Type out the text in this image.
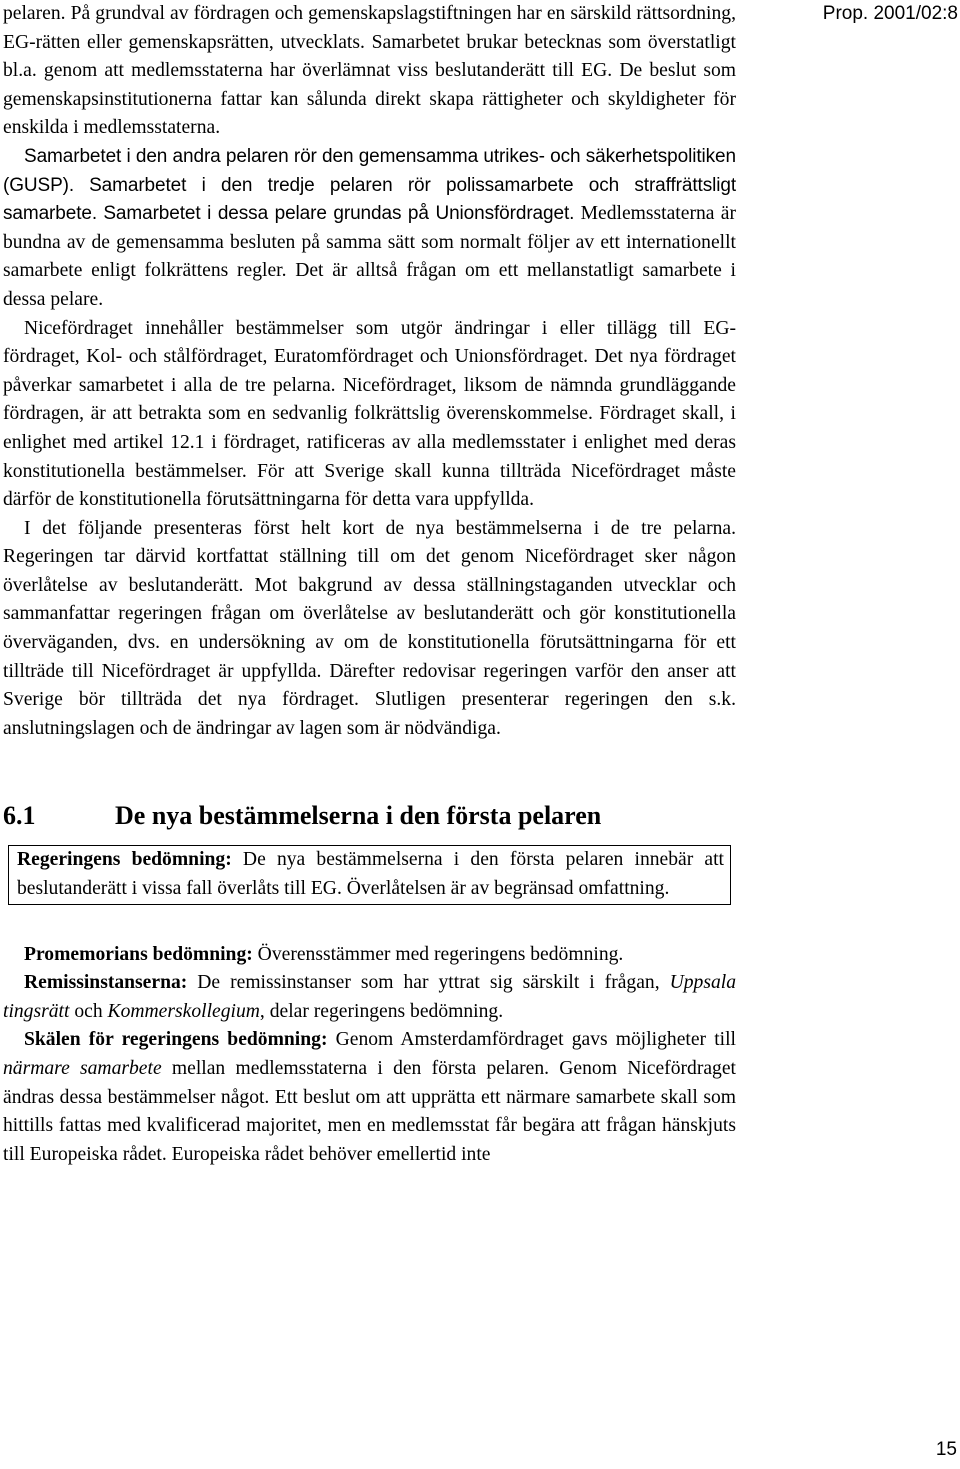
Prop. 2001/02:8

pelaren. På grundval av fördragen och gemenskapslagstiftningen har en särskild rättsordning, EG-rätten eller gemenskapsrätten, utvecklats. Samarbetet brukar betecknas som överstatligt bl.a. genom att medlemsstaterna har överlämnat viss beslutanderätt till EG. De beslut som gemenskapsinstitutionerna fattar kan sålunda direkt skapa rättigheter och skyldigheter för enskilda i medlemsstaterna.

Samarbetet i den andra pelaren rör den gemensamma utrikes- och säkerhetspolitiken (GUSP). Samarbetet i den tredje pelaren rör polissamarbete och straffrättsligt samarbete. Samarbetet i dessa pelare grundas på Unionsfördraget. Medlemsstaterna är bundna av de gemensamma besluten på samma sätt som normalt följer av ett internationellt samarbete enligt folkrättens regler. Det är alltså frågan om ett mellanstatligt samarbete i dessa pelare.

Nicefördraget innehåller bestämmelser som utgör ändringar i eller tillägg till EG-fördraget, Kol- och stålfördraget, Euratomfördraget och Unionsfördraget. Det nya fördraget påverkar samarbetet i alla de tre pelarna. Nicefördraget, liksom de nämnda grundläggande fördragen, är att betrakta som en sedvanlig folkrättslig överenskommelse. Fördraget skall, i enlighet med artikel 12.1 i fördraget, ratificeras av alla medlemsstater i enlighet med deras konstitutionella bestämmelser. För att Sverige skall kunna tillträda Nicefördraget måste därför de konstitutionella förutsättningarna för detta vara uppfyllda.

I det följande presenteras först helt kort de nya bestämmelserna i de tre pelarna. Regeringen tar därvid kortfattat ställning till om det genom Nicefördraget sker någon överlåtelse av beslutanderätt. Mot bakgrund av dessa ställningstaganden utvecklar och sammanfattar regeringen frågan om överlåtelse av beslutanderätt och gör konstitutionella överväganden, dvs. en undersökning av om de konstitutionella förutsättningarna för ett tillträde till Nicefördraget är uppfyllda. Därefter redovisar regeringen varför den anser att Sverige bör tillträda det nya fördraget. Slutligen presenterar regeringen den s.k. anslutningslagen och de ändringar av lagen som är nödvändiga.

6.1	De nya bestämmelserna i den första pelaren

Regeringens bedömning: De nya bestämmelserna i den första pelaren innebär att beslutanderätt i vissa fall överlåts till EG. Överlåtelsen är av begränsad omfattning.

Promemorians bedömning: Överensstämmer med regeringens bedömning.

Remissinstanserna: De remissinstanser som har yttrat sig särskilt i frågan, Uppsala tingsrätt och Kommerskollegium, delar regeringens bedömning.

Skälen för regeringens bedömning: Genom Amsterdamfördraget gavs möjligheter till närmare samarbete mellan medlemsstaterna i den första pelaren. Genom Nicefördraget ändras dessa bestämmelser något. Ett beslut om att upprätta ett närmare samarbete skall som hittills fattas med kvalificerad majoritet, men en medlemsstat får begära att frågan hänskjuts till Europeiska rådet. Europeiska rådet behöver emellertid inte

15
